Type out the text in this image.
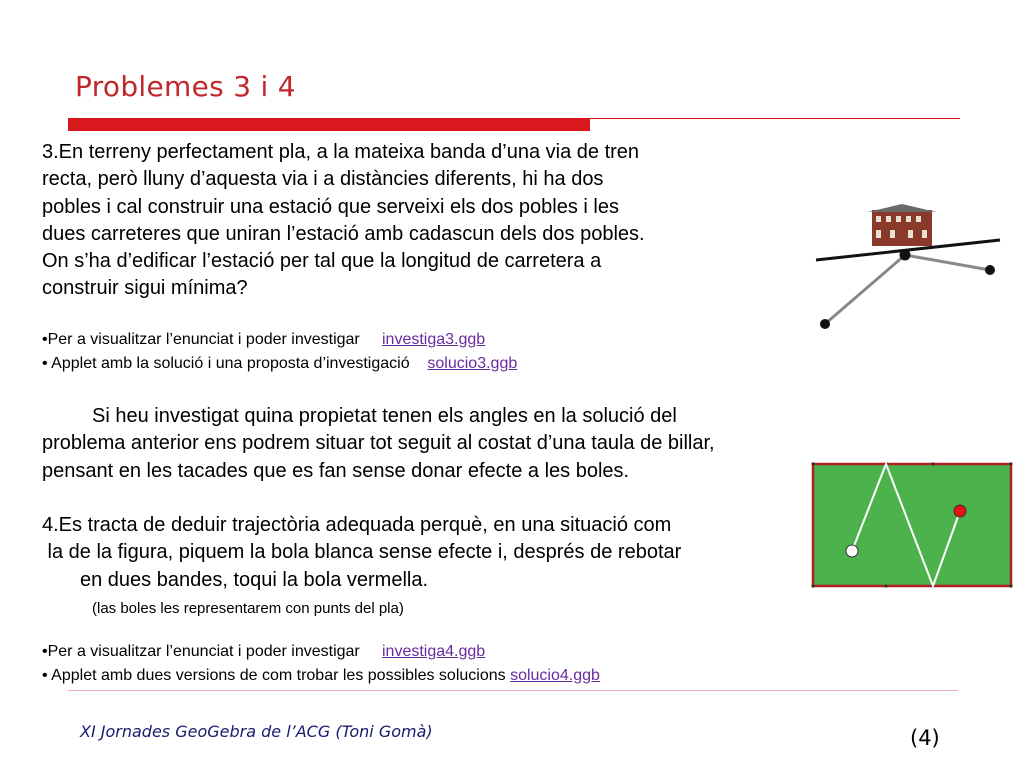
Problemes 3 i 4

3.En terreny perfectament pla, a la mateixa banda d’una via de tren
recta, però lluny d’aquesta via i a distàncies diferents, hi ha dos
pobles i cal construir una estació que serveixi els dos pobles i les
dues carreteres que uniran l’estació amb cadascun dels dos pobles.
On s’ha d’edificar l’estació per tal que la longitud de carretera a
construir sigui mínima?

•Per a visualitzar l’enunciat i poder investigar investiga3.ggb
• Applet amb la solució i una proposta d’investigació solucio3.ggb

Si heu investigat quina propietat tenen els angles en la solució del
problema anterior ens podrem situar tot seguit al costat d’una taula de billar,
pensant en les tacades que es fan sense donar efecte a les boles.

4.Es tracta de deduir trajectòria adequada perquè, en una situació com
la de la figura, piquem la bola blanca sense efecte i, després de rebotar
en dues bandes, toqui la bola vermella.

(las boles les representarem con punts del pla)

•Per a visualitzar l’enunciat i poder investigar investiga4.ggb
• Applet amb dues versions de com trobar les possibles solucions solucio4.ggb

XI Jornades GeoGebra de l’ACG (Toni Gomà)	(4)
